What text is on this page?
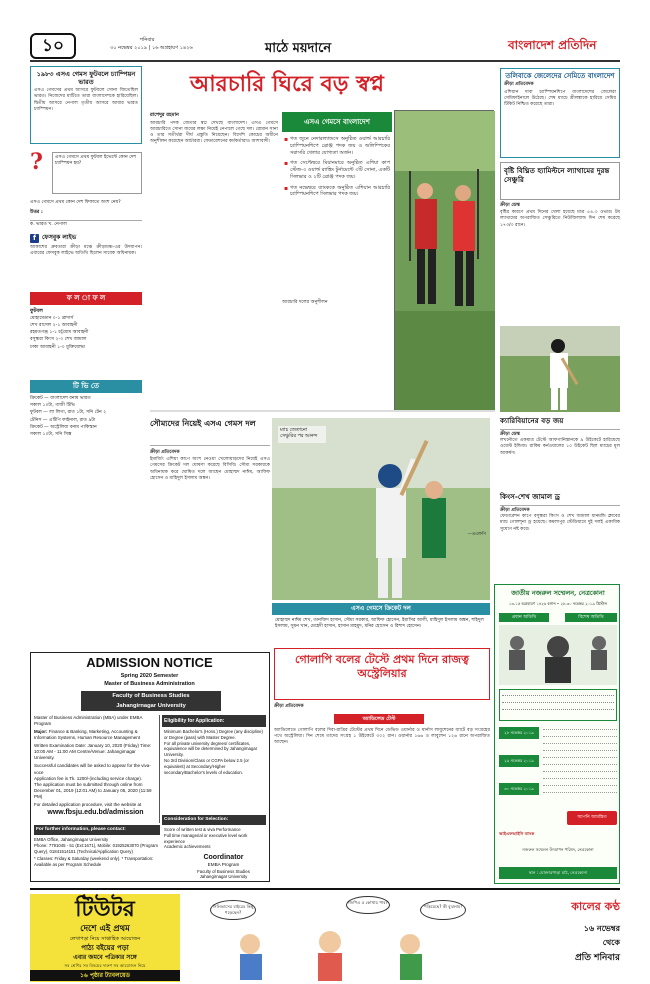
১০	শনিবার
৩০ নভেম্বর ২০১৯ | ১৬ অগ্রহায়ণ ১৪২৬	মাঠে ময়দানে	বাংলাদেশ প্রতিদিন
১৯৮৩ এসএ গেমস ফুটবলে চ্যাম্পিয়ন ভারত
এসএ গেমসের প্রথম আসরে ফুটবলে সোনা জিতেছিল ভারত। নিজেদের মাটিতে তারা বাংলাদেশকে হারিয়েছিল। দ্বিতীয় আসরে নেপাল তৃতীয় আসরে আবার ভারত চ্যাম্পিয়ন।
?	এসএ গেমসে প্রথম ফুটবল ইভেন্টে কোন দেশ চ্যাম্পিয়ন হয়?
এসএ গেমসে প্রথম কোন দেশ ফিফাতে অংশ নেয়?
উত্তর :
ক. ভারত খ. নেপাল
f ফেসবুক লাইভ
আকাশের ধ্রুবতারা ক্রীড়া মঞ্চে ক্রীড়ামঞ্চ-এর উদযাপন। এবারের ফেসবুক লাইভে অতিথি ছিলেন সাবেক অধিনায়ক।
ফ ল া ফ ল
ফুটবল
মোহামেডান ০-১ ব্রাদার্স
শেখ রাসেল ২-১ আবাহনী
রহমতগঞ্জ ১-১ চট্টগ্রাম আবাহনী
বসুন্ধরা কিংস ২-০ শেখ জামাল
ঢাকা আবাহনী ১-০ মুক্তিযোদ্ধা
টি ভি তে
ক্রিকেট — বাংলাদেশ বনাম ভারত
সকাল ১০টা, গাজী টিভি
ফুটবল — লা লিগা, রাত ১টা, সনি টেন ২
টেনিস — এটিপি ফাইনাল, রাত ৯টা
ক্রিকেট — অস্ট্রেলিয়া বনাম পাকিস্তান
সকাল ১০টা, সনি সিক্স
আরচারি ঘিরে বড় স্বপ্ন
রাশেদুর রহমান
আরচারি পদক জেতার স্বপ্ন দেখছে বাংলাদেশ। এসএ গেমসে আরচারিতে সোনা জয়ের লক্ষ্য নিয়েই নেপালে গেছে দল। রোমান সানা ও তার সতীর্থরা দীর্ঘ প্রস্তুতি নিয়েছেন। বিদেশি কোচের অধীনে অনুশীলন করেছেন আর্চাররা। ফেডারেশনের কর্মকর্তারাও আশাবাদী।
এসএ গেমসে বাংলাদেশ
▪ গত জুনে নেদারল্যান্ডসে অনুষ্ঠিত ওয়ার্ল্ড আরচারি চ্যাম্পিয়নশিপে ব্রোঞ্জ পদক জয় ও অলিম্পিকের সরাসরি খেলার যোগ্যতা অর্জন।
▪ গত সেপ্টেম্বরে মিয়ানমারে অনুষ্ঠিত এশিয়া কাপ স্টেজ-৩ ওয়ার্ল্ড র‌্যাঙ্কিং টুর্নামেন্টে ৩টি সোনা, একটি সিলভার ও ২টি ব্রোঞ্জ পদক জয়।
▪ গত নভেম্বরে ব্যাংককে অনুষ্ঠিত এশিয়ান আরচারি চ্যাম্পিয়নশিপে সিলভার পদক জয়।
আরচারি দলের অনুশীলন
তলিবাকে জেলেদের সেমিতে বাংলাদেশ
ক্রীড়া প্রতিবেদক
এশিয়ান দাবা চ্যাম্পিয়নশিপে বাংলাদেশের জেলেরা সেমিফাইনালে উঠেছে। শেষ ম্যাচে শ্রীলঙ্কাকে হারিয়ে সেমির টিকিট নিশ্চিত করেছে তারা।
বৃষ্টি বিঘ্নিত হ্যামিল্টনে ল্যাথামের দুরন্ত সেঞ্চুরি
ক্রীড়া ডেস্ক
বৃষ্টির কারণে প্রথম দিনের খেলা হয়েছে মাত্র ৫৪.৩ ওভার। টম ল্যাথামের অপরাজিত সেঞ্চুরিতে নিউজিল্যান্ড দিন শেষ করেছে ১৭৩/৩ রানে।
সৌম্যদের নিয়েই এসএ গেমস দল
ক্রীড়া প্রতিবেদক
ইমার্জিং এশিয়া কাপে অংশ নেওয়া খেলোয়াড়দের নিয়েই এসএ গেমসের ক্রিকেট দল ঘোষণা করেছে বিসিবি। সৌম্য সরকারকে অধিনায়ক করে ঘোষিত দলে আছেন মোহাম্মদ নাঈম, আফিফ হোসেন ও মাহিদুল ইসলাম অঙ্কন।
ম্যাচ জেতানো সেঞ্চুরির পর আনন্দ
—এএফপি
এসএ গেমসে ক্রিকেট দল
মোহাম্মদ নাঈম শেখ, তানজিদ হাসান, সৌম্য সরকার, আফিফ হোসেন, ইয়াসির আলী, মাহিদুল ইসলাম অঙ্কন, শহিদুল ইসলাম, সুমন খান, মেহেদী হাসান, হাসান মাহমুদ, মনির হোসেন ও রিশাদ হোসেন।
ক্যারিবিয়ানের বড় জয়
ক্রীড়া ডেস্ক
লখনৌতে একমাত্র টেস্টে আফগানিস্তানকে ৯ উইকেটে হারিয়েছে ওয়েস্ট ইন্ডিজ। রাকিম কর্নওয়ালের ১০ উইকেট ছিল ম্যাচের মূল আকর্ষণ।
কিংস-শেখ জামাল ড্র
ক্রীড়া প্রতিবেদক
ফেডারেশন কাপে বসুন্ধরা কিংস ও শেখ জামাল ধানমন্ডি ক্লাবের ম্যাচ গোলশূন্য ড্র হয়েছে। কমলাপুর স্টেডিয়ামে দুই দলই একাধিক সুযোগ নষ্ট করে।
ADMISSION NOTICE
Spring 2020 Semester
Master of Business Administration
Faculty of Business Studies
Jahangirnagar University
Master of Business Administration (MBA) under EMBA Program
Major: Finance & Banking, Marketing, Accounting & Information Systems, Human Resource Management
Written Examination Date: January 10, 2020 (Friday) Time: 10:00 AM - 11:00 AM Centre/Venue: Jahangirnagar University.
Successful candidates will be asked to appear for the viva-voce
Application fee is Tk. 1200/-(including service charge).
The application must be submitted through online from December 01, 2019 (12:01 AM) to January 05, 2020 (11:59 PM)
For detailed application procedure, visit the website at
www.fbsju.edu.bd/admission
Eligibility for Application:
Minimum Bachelor's (Hons.) Degree (any discipline) or Degree (pass) with Master Degree.
For all private university degrees/ certificates, equivalence will be determined by Jahangirnagar University.
No 3rd Division/Class or CGPA below 2.5 (or equivalent) at Secondary/Higher secondary/Bachelor's levels of education.
For further information, please contact:
EMBA Office, Jahangirnagar University
Phone: 7791045 - 51 (Ext:1671), Mobile: 01925263070 (Program Query), 01841514151 (Technical/Application Query)
* Classes: Friday & Saturday (weekend only). * Transportation: Available as per Program Schedule
Consideration for Selection:
Score of written test & viva Performance
Full time managerial or executive level work experience
Academic achievements
Coordinator
EMBA Program
Faculty of Business Studies
Jahangirnagar University
গোলাপি বলের টেস্টে প্রথম দিনে রাজত্ব অস্ট্রেলিয়ার
ক্রীড়া প্রতিবেদক
অ্যাডিলেড টেস্ট
অ্যাডিলেডে গোলাপি বলের দিবা-রাত্রির টেস্টের প্রথম দিনে ডেভিড ওয়ার্নার ও মার্নাস লাবুশেনের ব্যাটে বড় সংগ্রহের পথে অস্ট্রেলিয়া। দিন শেষে তাদের সংগ্রহ ১ উইকেটে ৩০২ রান। ওয়ার্নার ১৬৬ ও লাবুশেন ১২৬ রানে অপরাজিত আছেন।
জাতীয় নজরুল সম্মেলন, নেত্রকোনা
১৩-১৫ অগ্রহায়ণ ১৪২৬ বঙ্গাব্দ • ২৮-৩০ নভেম্বর ২০১৯ খ্রিস্টাব্দ
প্রধান অতিথি	বিশেষ অতিথি
২৮ নভেম্বর ২০১৯
২৯ নভেম্বর ২০১৯
৩০ নভেম্বর ২০১৯
আপনি আমন্ত্রিত
আইএফআইসি ব্যাংক
নজরুল সম্মেলন উদযাপন পরিষদ, নেত্রকোনা
স্থান : মোক্তারপাড়া মাঠ, নেত্রকোনা
টিউটর
দেশে এই প্রথম
লেখাপড়া নিয়ে সাপ্তাহিক আয়োজন
পাঠ্য বইয়ের পড়া
এবার জমবে পত্রিকার সঙ্গে
সব শ্রেণির সব বিষয়ের দারুণ সব আয়োজন নিয়ে
১৬ পৃষ্ঠার ট্যাবলয়েড
সিলিভাসের বাইরের কিছু পড়েছেন?
জিপিএ ৫ কোথায় পাব?
পড়িয়েছে? কী বুঝলাম!	কালের কণ্ঠ
১৬ নভেম্বর
থেকে
প্রতি শনিবার
